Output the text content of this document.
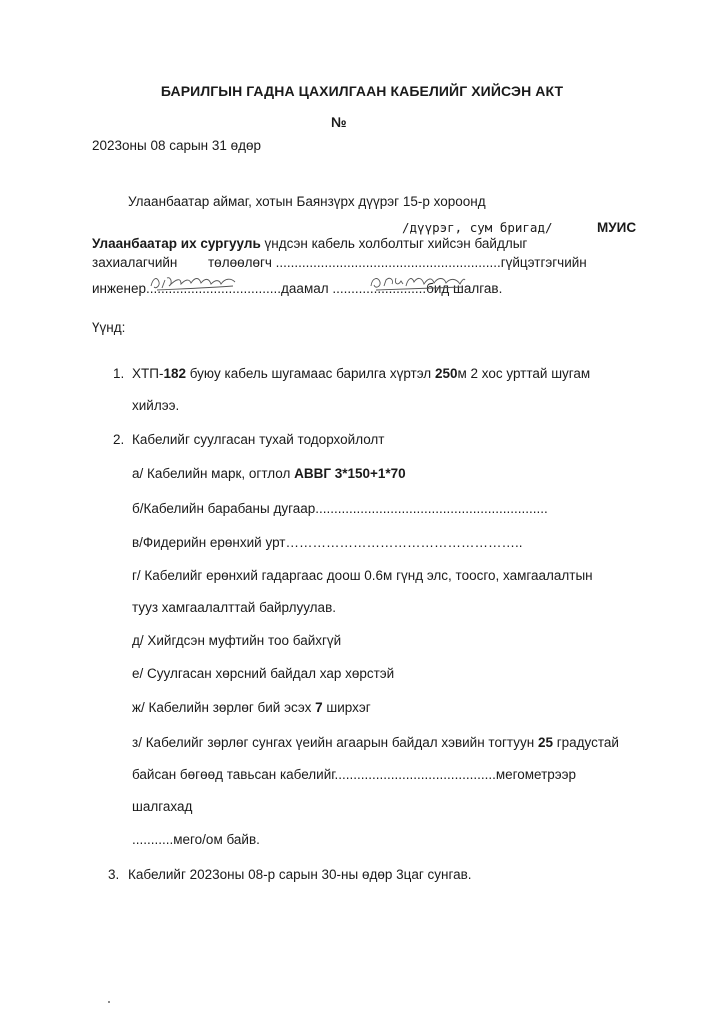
БАРИЛГЫН ГАДНА ЦАХИЛГААН КАБЕЛИЙГ ХИЙСЭН АКТ
№
2023оны 08 сарын 31 өдөр
Улаанбаатар аймаг, хотын Баянзүрх дүүрэг 15-р хороонд
/дүүрэг, сум бригад/	МУИС
Улаанбаатар их сургууль үндсэн кабель холболтыг хийсэн байдлыг
захиалагчийн төлөөлөгч ............................................................гүйцэтгэгчийн
инженер....................................даамал .........................бид шалгав.
Үүнд:
1. ХТП-182 буюу кабель шугамаас барилга хүртэл 250м 2 хос урттай шугам
хийлээ.
2. Кабелийг суулгасан тухай тодорхойлолт
а/ Кабелийн марк, огтлол АВВГ 3*150+1*70
б/Кабелийн барабаны дугаар..............................................................
в/Фидерийн ерөнхий урт……………………………………………..
г/ Кабелийг ерөнхий гадаргаас доош 0.6м гүнд элс, тоосго, хамгаалалтын
тууз хамгаалалттай байрлуулав.
д/ Хийгдсэн муфтийн тоо байхгүй
е/ Суулгасан хөрсний байдал хар хөрстэй
ж/ Кабелийн зөрлөг бий эсэх 7 ширхэг
з/ Кабелийг зөрлөг сунгах үеийн агаарын байдал хэвийн тогтуун 25 градустай
байсан бөгөөд тавьсан кабелийг...........................................мегометрээр
шалгахад
...........мего/ом байв.
3. Кабелийг 2023оны 08-р сарын 30-ны өдөр 3цаг сунгав.
